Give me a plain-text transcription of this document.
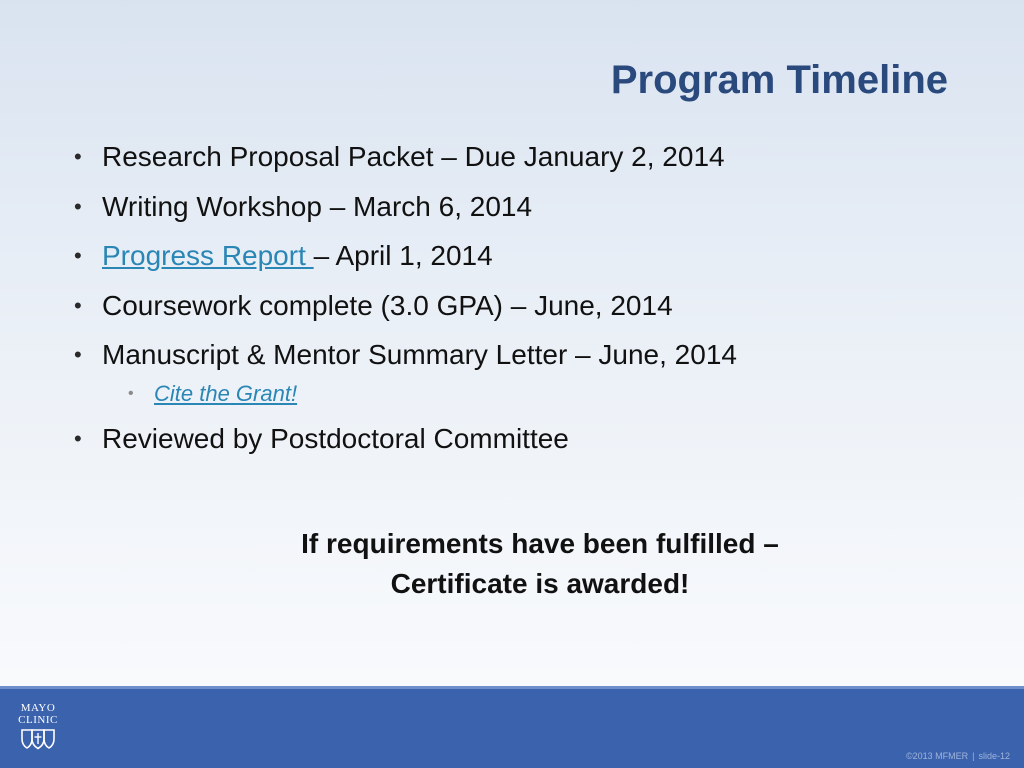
Program Timeline
• Research Proposal Packet – Due January 2, 2014
• Writing Workshop – March 6, 2014
• Progress Report – April 1, 2014
• Coursework complete (3.0 GPA) – June, 2014
• Manuscript & Mentor Summary Letter – June, 2014
• Cite the Grant!
• Reviewed by Postdoctoral Committee
If requirements have been fulfilled –
Certificate is awarded!
MAYO
CLINIC
©2013 MFMER | slide-12
